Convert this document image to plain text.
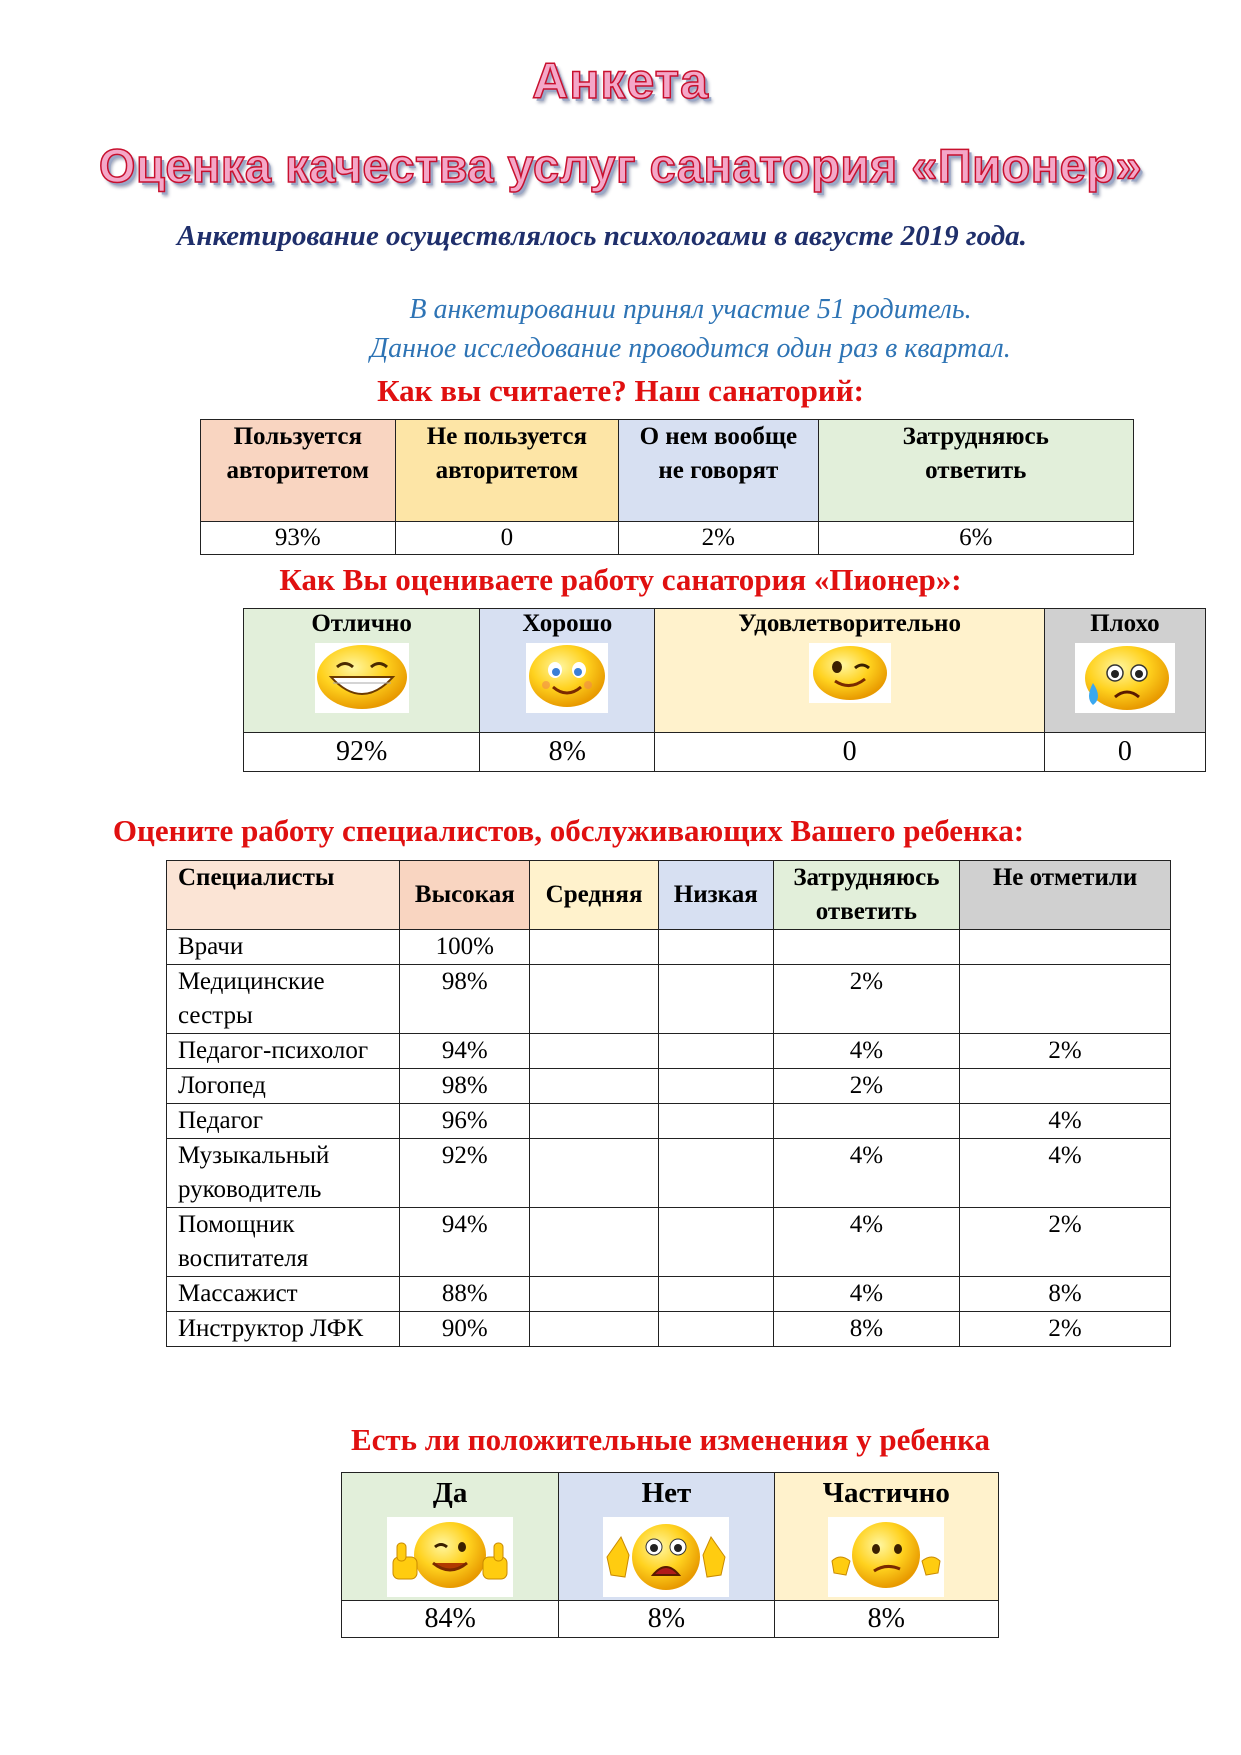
Анкета
Оценка качества услуг санатория «Пионер»
Анкетирование осуществлялось психологами в августе 2019 года.
В анкетировании принял участие 51 родитель.
Данное исследование проводится один раз в квартал.
Как вы считаете? Наш санаторий:
Пользуется авторитетом	Не пользуется авторитетом	О нем вообще не говорят	Затрудняюсь ответить
93%	0	2%	6%
Как Вы оцениваете работу санатория «Пионер»:
Отлично	Хорошо	Удовлетворительно	Плохо

92%	8%	0	0
Оцените работу специалистов, обслуживающих Вашего ребенка:
Специалисты	Высокая	Средняя	Низкая	Затрудняюсь ответить	Не отметили
Врачи	100%				
Медицинские сестры	98%			2%	
Педагог-психолог	94%			4%	2%
Логопед	98%			2%	
Педагог	96%				4%
Музыкальный руководитель	92%			4%	4%
Помощник воспитателя	94%			4%	2%
Массажист	88%			4%	8%
Инструктор ЛФК	90%			8%	2%
Есть ли положительные изменения у ребенка
Да	Нет	Частично

84%	8%	8%
